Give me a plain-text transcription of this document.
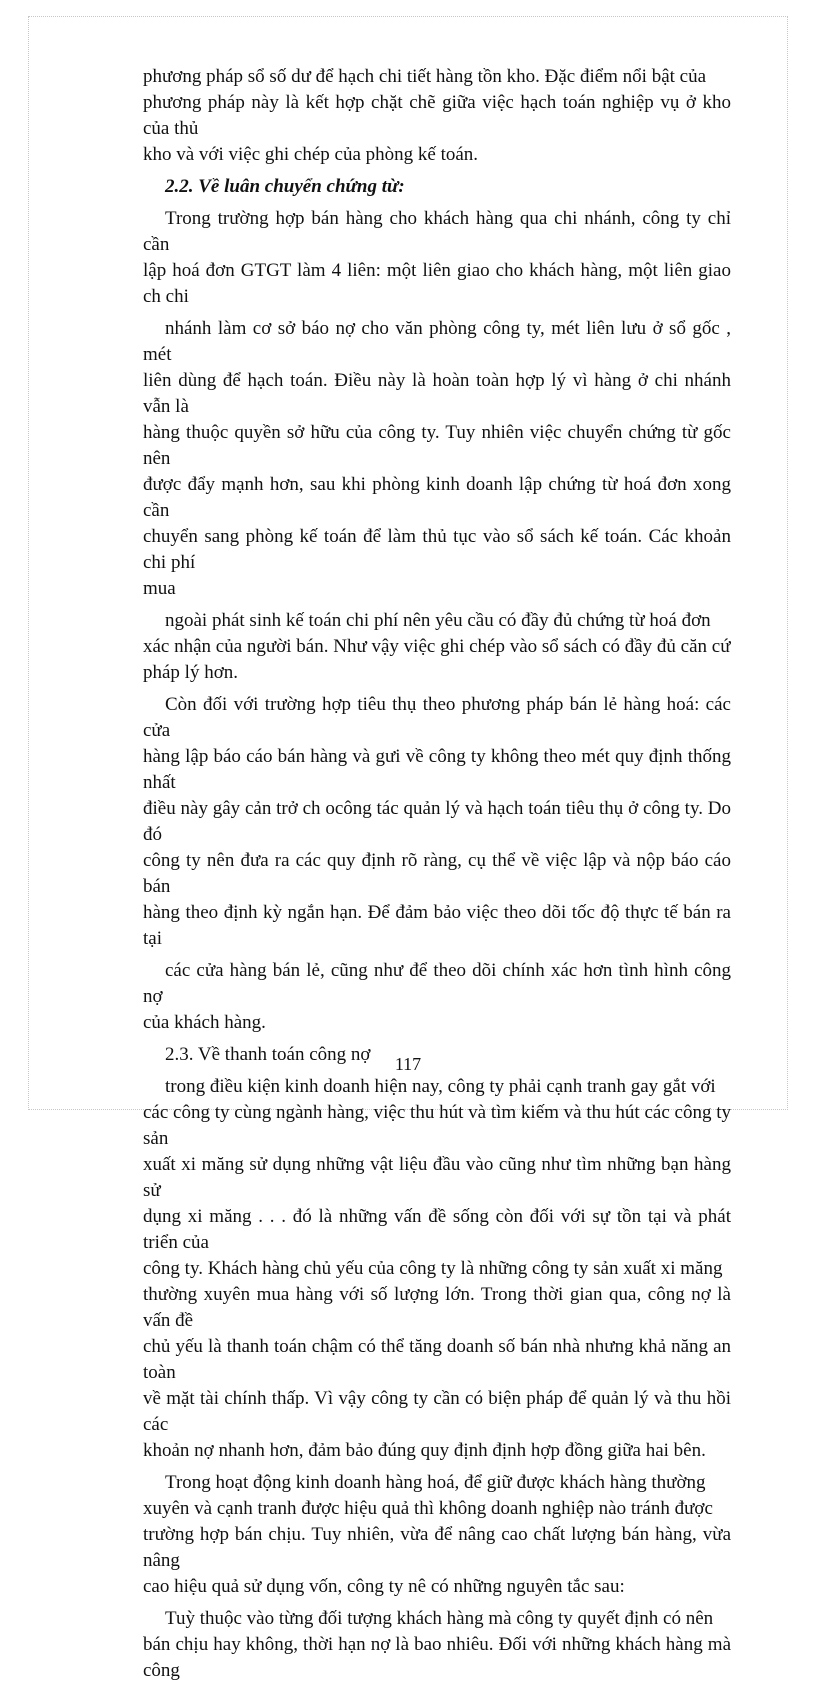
phương pháp sổ số dư để hạch chi tiết hàng tồn kho. Đặc điểm nổi bật của
phương pháp này là kết hợp chặt chẽ giữa việc hạch toán nghiệp vụ ở kho của thủ
kho và với việc ghi chép của phòng kế toán.

2.2. Về luân chuyển chứng từ:

Trong trường hợp bán hàng cho khách hàng qua chi nhánh, công ty chỉ cần
lập hoá đơn GTGT làm 4 liên: một liên giao cho khách hàng, một liên giao ch chi

nhánh làm cơ sở báo nợ cho văn phòng công ty, mét liên lưu ở sổ gốc , mét
liên dùng để hạch toán. Điều này là hoàn toàn hợp lý vì hàng ở chi nhánh vẫn là
hàng thuộc quyền sở hữu của công ty. Tuy nhiên việc chuyển chứng từ gốc nên
được đẩy mạnh hơn, sau khi phòng kinh doanh lập chứng từ hoá đơn xong cần
chuyển sang phòng kế toán để làm thủ tục vào sổ sách kế toán. Các khoản chi phí
mua

ngoài phát sinh kế toán chi phí nên yêu cầu có đầy đủ chứng từ hoá đơn
xác nhận của người bán. Như vậy việc ghi chép vào sổ sách có đầy đủ căn cứ
pháp lý hơn.

Còn đối với trường hợp tiêu thụ theo phương pháp bán lẻ hàng hoá: các cửa
hàng lập báo cáo bán hàng và gưi về công ty không theo mét quy định thống nhất
điều này gây cản trở ch ocông tác quản lý và hạch toán tiêu thụ ở công ty. Do đó
công ty nên đưa ra các quy định rõ ràng, cụ thể về việc lập và nộp báo cáo bán
hàng theo định kỳ ngắn hạn. Để đảm bảo việc theo dõi tốc độ thực tế bán ra tại

các cửa hàng bán lẻ, cũng như để theo dõi chính xác hơn tình hình công nợ
của khách hàng.

2.3. Về thanh toán công nợ

trong điều kiện kinh doanh hiện nay, công ty phải cạnh tranh gay gắt với
các công ty cùng ngành hàng, việc thu hút và tìm kiếm và thu hút các công ty sản
xuất xi măng sử dụng những vật liệu đầu vào cũng như tìm những bạn hàng sử
dụng xi măng . . . đó là những vấn đề sống còn đối với sự tồn tại và phát triển của
công ty. Khách hàng chủ yếu của công ty là những công ty sản xuất xi măng
thường xuyên mua hàng với số lượng lớn. Trong thời gian qua, công nợ là vấn đề
chủ yếu là thanh toán chậm có thể tăng doanh số bán nhà nhưng khả năng an toàn
về mặt tài chính thấp. Vì vậy công ty cần có biện pháp để quản lý và thu hồi các
khoản nợ nhanh hơn, đảm bảo đúng quy định định hợp đồng giữa hai bên.

Trong hoạt động kinh doanh hàng hoá, để giữ được khách hàng thường
xuyên và cạnh tranh được hiệu quả thì không doanh nghiệp nào tránh được
trường hợp bán chịu. Tuy nhiên, vừa để nâng cao chất lượng bán hàng, vừa nâng
cao hiệu quả sử dụng vốn, công ty nê có những nguyên tắc sau:

Tuỳ thuộc vào từng đối tượng khách hàng mà công ty quyết định có nên
bán chịu hay không, thời hạn nợ là bao nhiêu. Đối với những khách hàng mà công

117
